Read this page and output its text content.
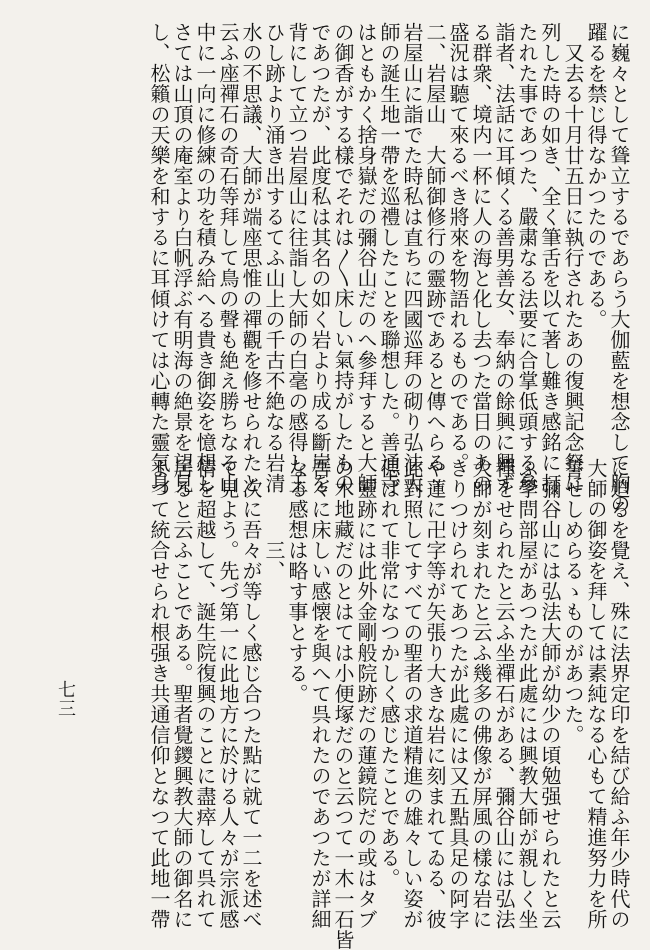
に巍々として聳立するであらう大伽藍を想念して胸の
躍るを禁じ得なかつたのである。
　又去る十月廿五日に執行されたあの復興記念祭に
列した時の如き、全く筆舌を以て著し難き感銘に打
たれた事であつた、嚴粛なる法要に合掌低頭する參
詣者、法話に耳傾くる善男善女、奉納の餘興に興ず
る群衆、境内一杯に人の海と化し去つた當日のあの
盛況は聽て來るべき將來を物語れるものである。
二、岩屋山　大師御修行の靈跡であると傳へらるゝ
岩屋山に詣でた時私は直ちに四國巡拜の砌り弘法大
師の誕生地一帶を巡禮したことを聯想した。善通寺
はともかく捨身嶽だの彌谷山だのへ參拜すると大師
の御香がする樣でそれは〳〵床しい氣持がしたもの
であつたが、此度私は其名の如く岩より成る斷崖を
背にして立つ岩屋山に往詣し大師の白毫の感得し玉
ひし跡より涌き出するてふ山上の千古不絶なる岩清
水の不思議、大師が端座思惟の禪觀を修せられたと
云ふ座禪石の奇石等拜して鳥の聲も絶え勝ちなる山
中に一向に修練の功を積み給へる貴き御姿を憶想し
さては山頂の庵室より白帆浮ぶ有明海の絶景を望見
し、松籟の天樂を和するに耳傾けては心轉た靈氣身
に迫るを覺え、殊に法界定印を結び給ふ年少時代の
大師の御姿を拜しては素純なる心もて精進努力を所
誓せしめらるゝものがあつた。
　彌谷山には弘法大師が幼少の頃勉强せられたと云
ふ學問部屋があつたが此處には興教大師が親しく坐
禪をせられたと云ふ坐禪石がある、彌谷山には弘法
大師が刻まれたと云ふ幾多の佛像が屏風の樣な岩に
きりつけられてあつたが此處には又五點具足の阿字
や蓮に卍字等が矢張り大きな岩に刻まれてゐる、彼
此對照してすべての聖者の求道精進の雄々しい姿が
偲ばれて非常になつかしく感じたことである。
　靈跡には此外金剛般院跡だの蓮鏡院だの或はタブ
の木地藏だのとはては小便塚だのと云つて一木一石皆
吾々に床しい感懐を與へて呉れたのであつたが詳細
なる感想は略す事とする。
　　　　三、
　次に吾々が等しく感じ合つた點に就て一二を述べ
て見よう。先づ第一に此地方に於ける人々が宗派感
情を超越して、誕生院復興のことに盡瘁して呉れて
居ると云ふことである。聖者覺鑁興教大師の御名に
よつて統合せられ根强き共通信仰となつて此地一帶
七三
